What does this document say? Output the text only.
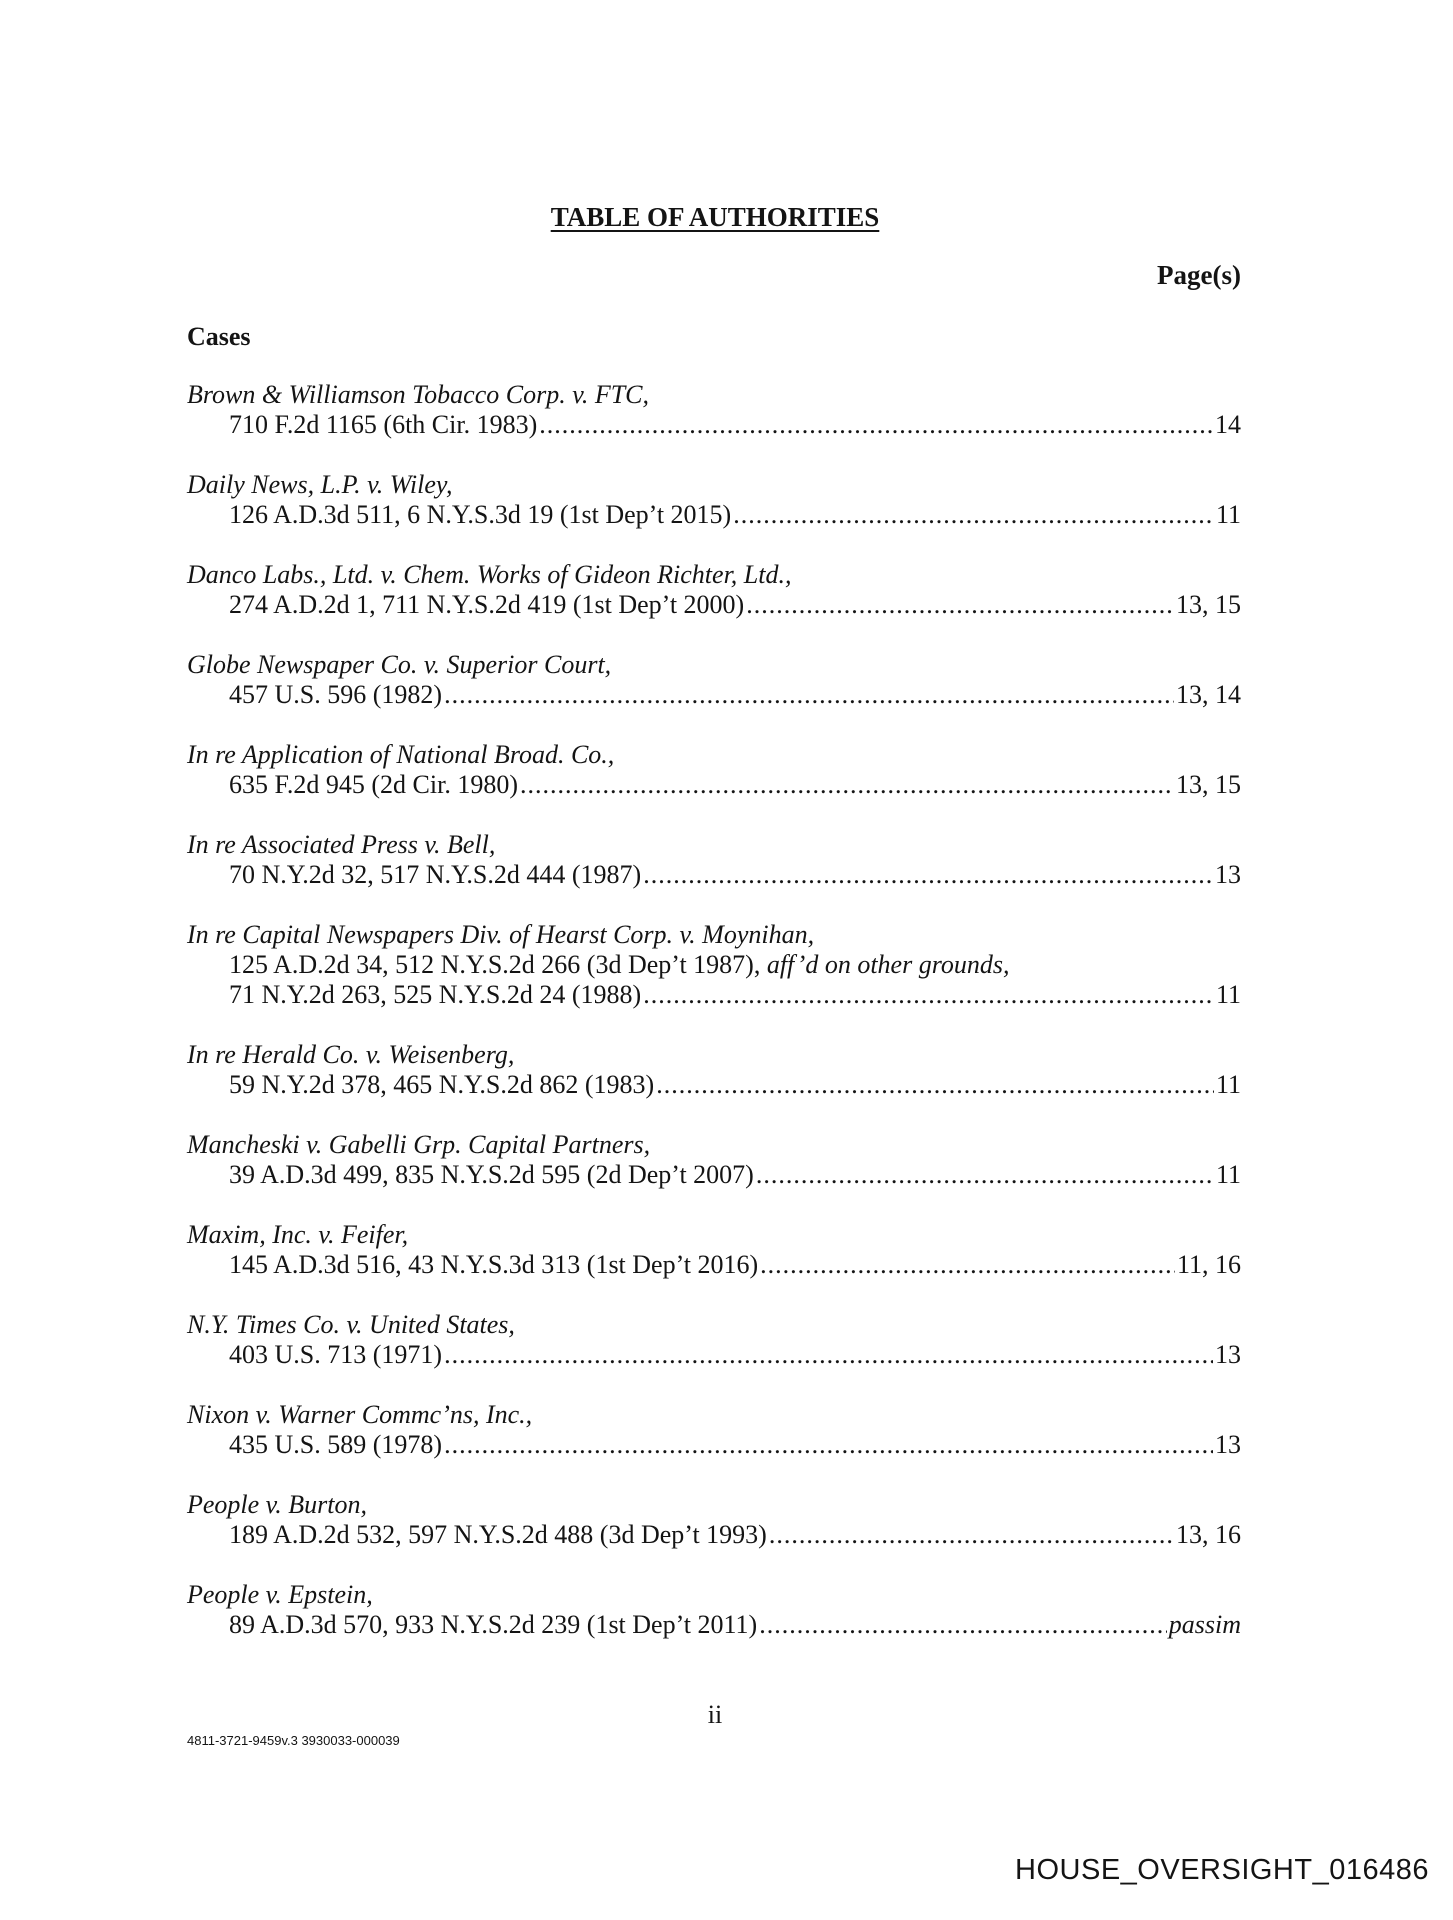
TABLE OF AUTHORITIES
Page(s)
Cases
Brown & Williamson Tobacco Corp. v. FTC,
710 F.2d 1165 (6th Cir. 1983) .....	14
Daily News, L.P. v. Wiley,
126 A.D.3d 511, 6 N.Y.S.3d 19 (1st Dep’t 2015) .....	11
Danco Labs., Ltd. v. Chem. Works of Gideon Richter, Ltd.,
274 A.D.2d 1, 711 N.Y.S.2d 419 (1st Dep’t 2000) .....	13, 15
Globe Newspaper Co. v. Superior Court,
457 U.S. 596 (1982) .....	13, 14
In re Application of National Broad. Co.,
635 F.2d 945 (2d Cir. 1980) .....	13, 15
In re Associated Press v. Bell,
70 N.Y.2d 32, 517 N.Y.S.2d 444 (1987) .....	13
In re Capital Newspapers Div. of Hearst Corp. v. Moynihan,
125 A.D.2d 34, 512 N.Y.S.2d 266 (3d Dep’t 1987), aff’d on other grounds,
71 N.Y.2d 263, 525 N.Y.S.2d 24 (1988) .....	11
In re Herald Co. v. Weisenberg,
59 N.Y.2d 378, 465 N.Y.S.2d 862 (1983) .....	11
Mancheski v. Gabelli Grp. Capital Partners,
39 A.D.3d 499, 835 N.Y.S.2d 595 (2d Dep’t 2007) .....	11
Maxim, Inc. v. Feifer,
145 A.D.3d 516, 43 N.Y.S.3d 313 (1st Dep’t 2016) .....	11, 16
N.Y. Times Co. v. United States,
403 U.S. 713 (1971) .....	13
Nixon v. Warner Commc’ns, Inc.,
435 U.S. 589 (1978) .....	13
People v. Burton,
189 A.D.2d 532, 597 N.Y.S.2d 488 (3d Dep’t 1993) .....	13, 16
People v. Epstein,
89 A.D.3d 570, 933 N.Y.S.2d 239 (1st Dep’t 2011) .....	passim
ii
4811-3721-9459v.3 3930033-000039
HOUSE_OVERSIGHT_016486
